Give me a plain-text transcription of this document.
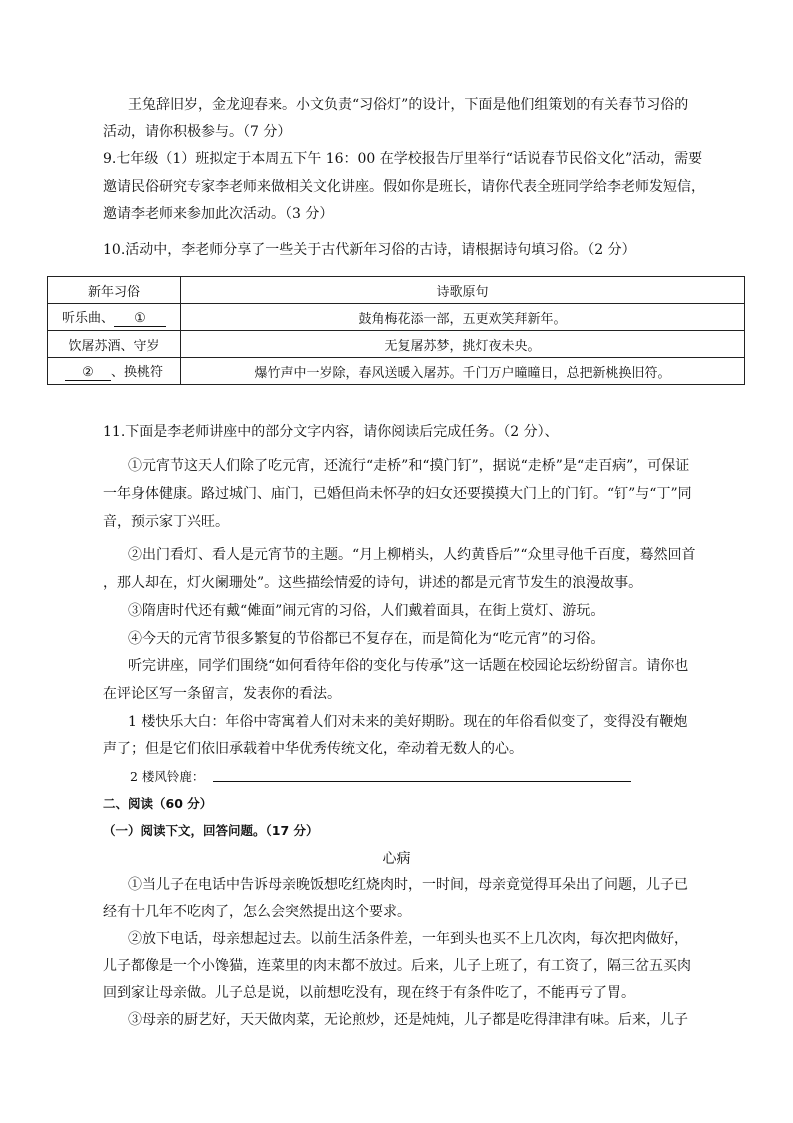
王兔辞旧岁，金龙迎春来。小文负责“习俗灯”的设计，下面是他们组策划的有关春节习俗的
活动，请你积极参与。（7 分）
9.七年级（1）班拟定于本周五下午 16：00 在学校报告厅里举行“话说春节民俗文化”活动，需要
邀请民俗研究专家李老师来做相关文化讲座。假如你是班长，请你代表全班同学给李老师发短信，
邀请李老师来参加此次活动。（3 分）
10.活动中，李老师分享了一些关于古代新年习俗的古诗，请根据诗句填习俗。（2 分）
新年习俗	诗歌原句
听乐曲、 ①	鼓角梅花添一部，五更欢笑拜新年。
饮屠苏酒、守岁	无复屠苏梦，挑灯夜未央。
② 、换桃符	爆竹声中一岁除，春风送暖入屠苏。千门万户曈曈日，总把新桃换旧符。
11.下面是李老师讲座中的部分文字内容，请你阅读后完成任务。（2 分）、
①元宵节这天人们除了吃元宵，还流行“走桥”和“摸门钉”，据说“走桥”是“走百病”，可保证
一年身体健康。路过城门、庙门，已婚但尚未怀孕的妇女还要摸摸大门上的门钉。“钉”与“丁”同
音，预示家丁兴旺。
②出门看灯、看人是元宵节的主题。“月上柳梢头，人约黄昏后”“众里寻他千百度，蓦然回首
，那人却在，灯火阑珊处”。这些描绘情爱的诗句，讲述的都是元宵节发生的浪漫故事。
③隋唐时代还有戴“傩面”闹元宵的习俗，人们戴着面具，在街上赏灯、游玩。
④今天的元宵节很多繁复的节俗都已不复存在，而是简化为“吃元宵”的习俗。
听完讲座，同学们围绕“如何看待年俗的变化与传承”这一话题在校园论坛纷纷留言。请你也
在评论区写一条留言，发表你的看法。
1 楼快乐大白：年俗中寄寓着人们对未来的美好期盼。现在的年俗看似变了，变得没有鞭炮
声了；但是它们依旧承载着中华优秀传统文化，牵动着无数人的心。
2 楼风铃鹿：
二、阅读（60 分）
（一）阅读下文，回答问题。（17 分）
心病
①当儿子在电话中告诉母亲晚饭想吃红烧肉时，一时间，母亲竟觉得耳朵出了问题，儿子已
经有十几年不吃肉了，怎么会突然提出这个要求。
②放下电话，母亲想起过去。以前生活条件差，一年到头也买不上几次肉，每次把肉做好，
儿子都像是一个小馋猫，连菜里的肉末都不放过。后来，儿子上班了，有工资了，隔三岔五买肉
回到家让母亲做。儿子总是说，以前想吃没有，现在终于有条件吃了，不能再亏了胃。
③母亲的厨艺好，天天做肉菜，无论煎炒，还是炖炖，儿子都是吃得津津有味。后来，儿子
